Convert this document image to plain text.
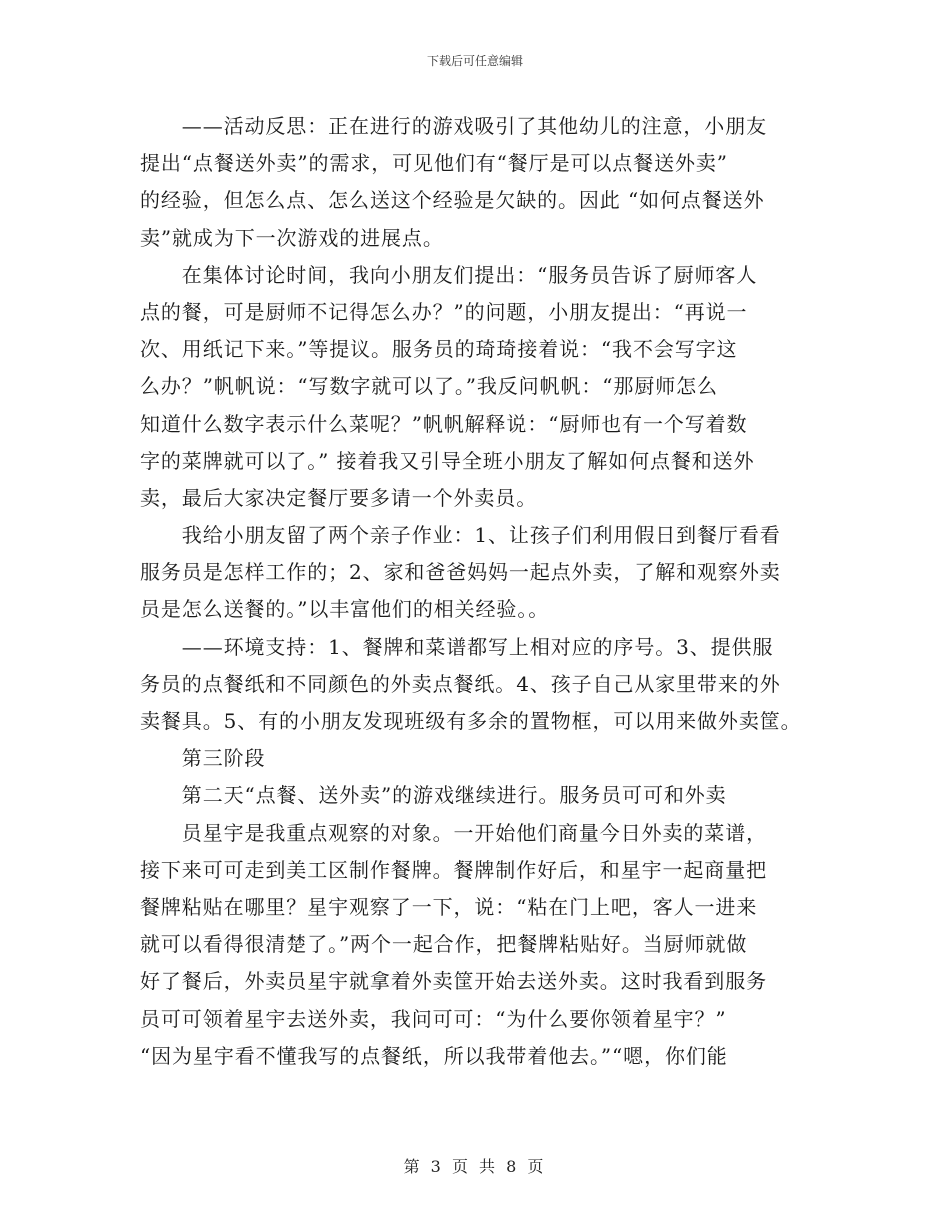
下载后可任意编辑
　　——活动反思：正在进行的游戏吸引了其他幼儿的注意，小朋友
提出“点餐送外卖”的需求，可见他们有“餐厅是可以点餐送外卖”
的经验，但怎么点、怎么送这个经验是欠缺的。因此 “如何点餐送外
卖”就成为下一次游戏的进展点。
　　在集体讨论时间，我向小朋友们提出：“服务员告诉了厨师客人
点的餐，可是厨师不记得怎么办？”的问题，小朋友提出：“再说一
次、用纸记下来。”等提议。服务员的琦琦接着说：“我不会写字这
么办？”帆帆说：“写数字就可以了。”我反问帆帆：“那厨师怎么
知道什么数字表示什么菜呢？”帆帆解释说：“厨师也有一个写着数
字的菜牌就可以了。” 接着我又引导全班小朋友了解如何点餐和送外
卖，最后大家决定餐厅要多请一个外卖员。
　　我给小朋友留了两个亲子作业：1、让孩子们利用假日到餐厅看看
服务员是怎样工作的；2、家和爸爸妈妈一起点外卖，了解和观察外卖
员是怎么送餐的。”以丰富他们的相关经验。。
　　——环境支持：1、餐牌和菜谱都写上相对应的序号。3、提供服
务员的点餐纸和不同颜色的外卖点餐纸。4、孩子自己从家里带来的外
卖餐具。5、有的小朋友发现班级有多余的置物框，可以用来做外卖筐。
　　第三阶段
　　第二天“点餐、送外卖”的游戏继续进行。服务员可可和外卖
　　员星宇是我重点观察的对象。一开始他们商量今日外卖的菜谱，
接下来可可走到美工区制作餐牌。餐牌制作好后，和星宇一起商量把
餐牌粘贴在哪里？星宇观察了一下，说：“粘在门上吧，客人一进来
就可以看得很清楚了。”两个一起合作，把餐牌粘贴好。当厨师就做
好了餐后，外卖员星宇就拿着外卖筐开始去送外卖。这时我看到服务
员可可领着星宇去送外卖，我问可可：“为什么要你领着星宇？”
“因为星宇看不懂我写的点餐纸，所以我带着他去。”“嗯，你们能
第 3 页 共 8 页
